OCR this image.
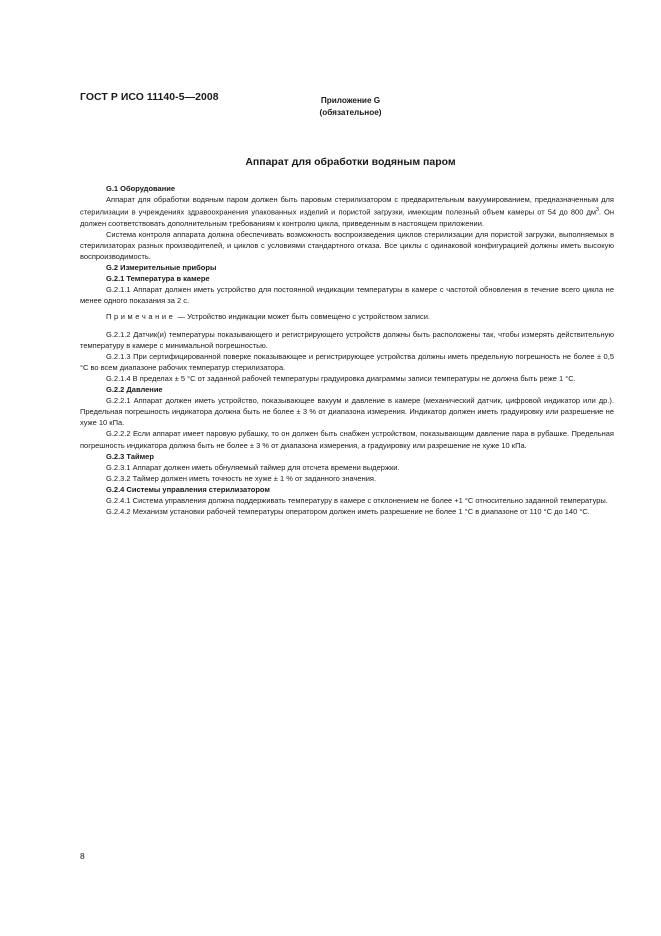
ГОСТ Р ИСО 11140-5—2008	Приложение G
(обязательное)
Аппарат для обработки водяным паром

G.1 Оборудование

Аппарат для обработки водяным паром должен быть паровым стерилизатором с предварительным вакуумированием, предназначенным для стерилизации в учреждениях здравоохранения упакованных изделий и пористой загрузки, имеющим полезный объем камеры от 54 до 800 $дм^3$. Он должен соответствовать дополнительным требованиям к контролю цикла, приведенным в настоящем приложении.

Система контроля аппарата должна обеспечивать возможность воспроизведения циклов стерилизации для пористой загрузки, выполняемых в стерилизаторах разных производителей, и циклов с условиями стандартного отказа. Все циклы с одинаковой конфигурацией должны иметь высокую воспроизводимость.

G.2 Измерительные приборы

G.2.1 Температура в камере

G.2.1.1 Аппарат должен иметь устройство для постоянной индикации температуры в камере с частотой обновления в течение всего цикла не менее одного показания за 2 с.

Примечание — Устройство индикации может быть совмещено с устройством записи.

G.2.1.2 Датчик(и) температуры показывающего и регистрирующего устройств должны быть расположены так, чтобы измерять действительную температуру в камере с минимальной погрешностью.

G.2.1.3 При сертифицированной поверке показывающее и регистрирующее устройства должны иметь предельную погрешность не более ± 0,5 °С во всем диапазоне рабочих температур стерилизатора.

G.2.1.4 В пределах ± 5 °С от заданной рабочей температуры градуировка диаграммы записи температуры не должна быть реже 1 °С.

G.2.2 Давление

G.2.2.1 Аппарат должен иметь устройство, показывающее вакуум и давление в камере (механический датчик, цифровой индикатор или др.). Предельная погрешность индикатора должна быть не более ± 3 % от диапазона измерения. Индикатор должен иметь градуировку или разрешение не хуже 10 кПа.

G.2.2.2 Если аппарат имеет паровую рубашку, то он должен быть снабжен устройством, показывающим давление пара в рубашке. Предельная погрешность индикатора должна быть не более ± 3 % от диапазона измерения, а градуировку или разрешение не хуже 10 кПа.

G.2.3 Таймер

G.2.3.1 Аппарат должен иметь обнуляемый таймер для отсчета времени выдержки.

G.2.3.2 Таймер должен иметь точность не хуже ± 1 % от заданного значения.

G.2.4 Системы управления стерилизатором

G.2.4.1 Система управления должна поддерживать температуру в камере с отклонением не более +1 °С относительно заданной температуры.

G.2.4.2 Механизм установки рабочей температуры оператором должен иметь разрешение не более 1 °С в диапазоне от 110 °С до 140 °С.

8
